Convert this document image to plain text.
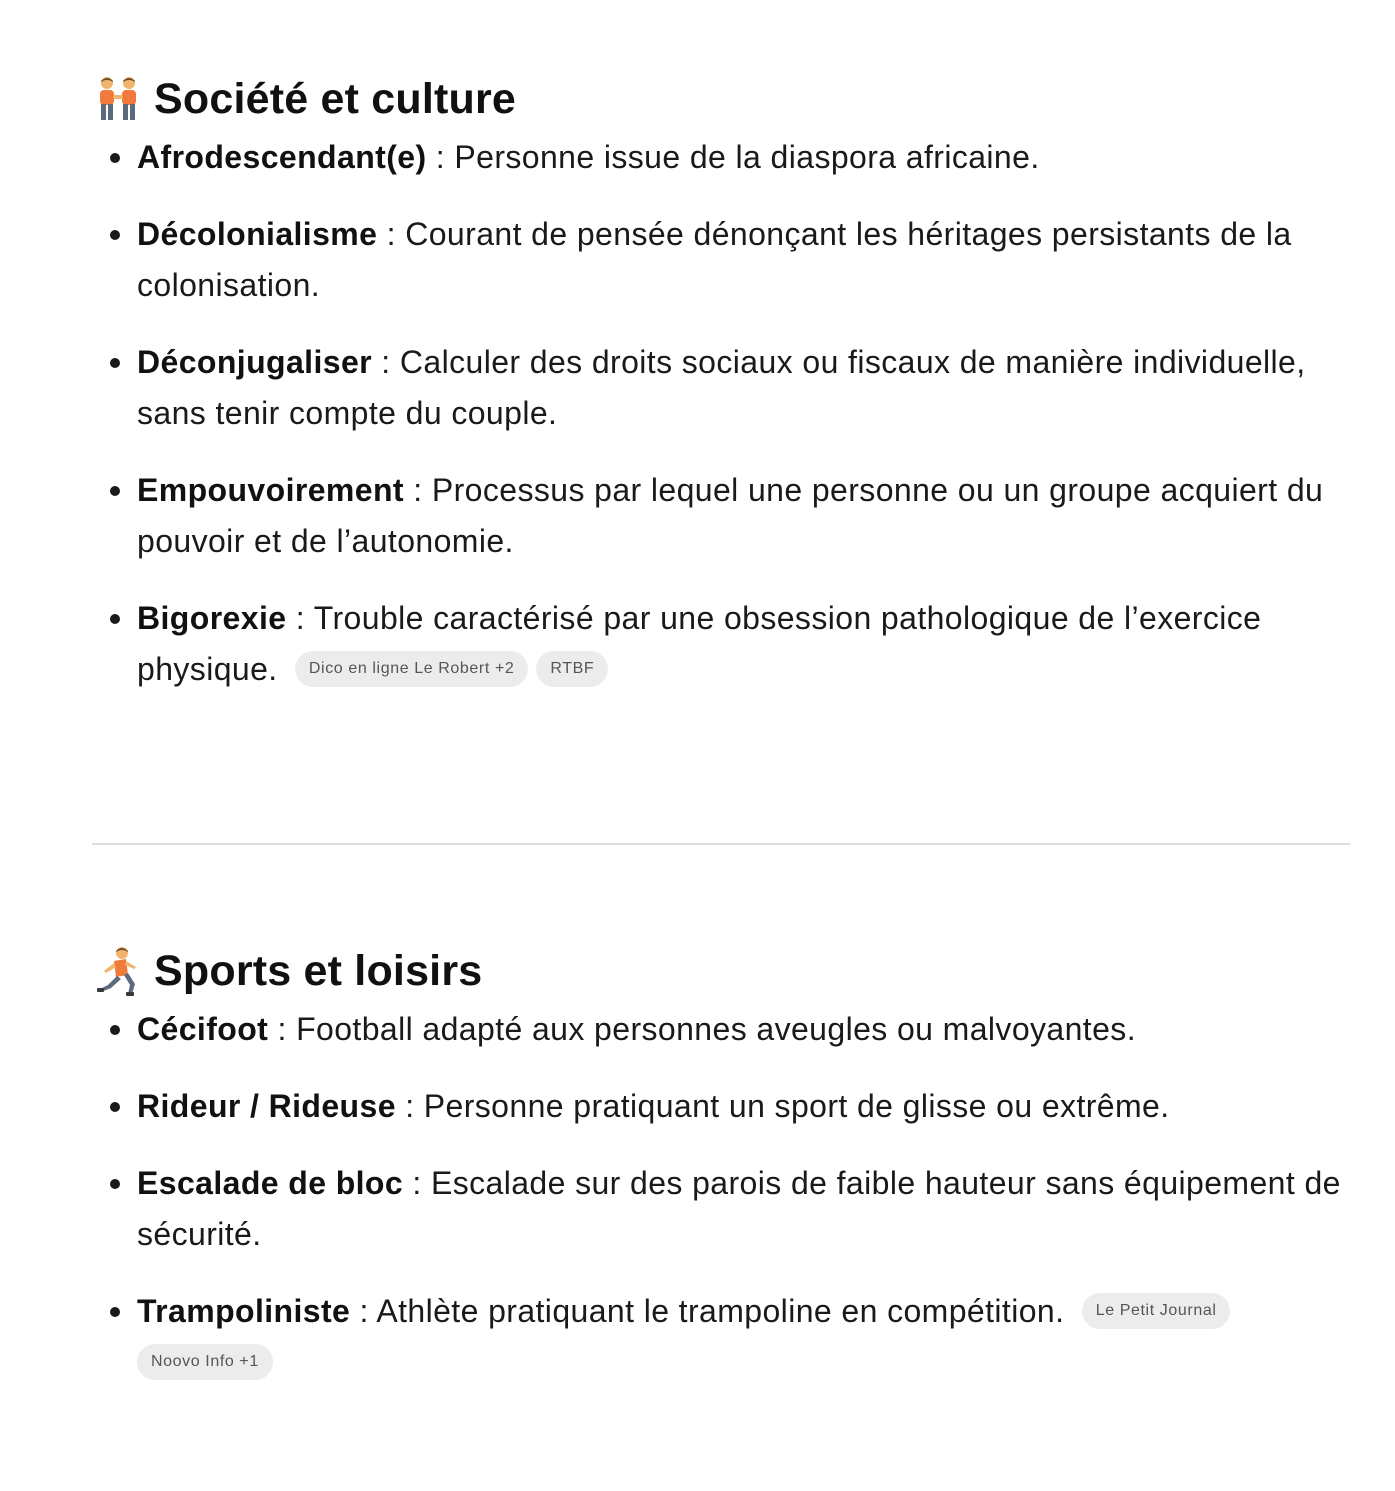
Société et culture
Afrodescendant(e) : Personne issue de la diaspora africaine.
Décolonialisme : Courant de pensée dénonçant les héritages persistants de la colonisation.
Déconjugaliser : Calculer des droits sociaux ou fiscaux de manière individuelle, sans tenir compte du couple.
Empouvoirement : Processus par lequel une personne ou un groupe acquiert du pouvoir et de l’autonomie.
Bigorexie : Trouble caractérisé par une obsession pathologique de l’exercice physique. Dico en ligne Le Robert +2 RTBF
Sports et loisirs
Cécifoot : Football adapté aux personnes aveugles ou malvoyantes.
Rideur / Rideuse : Personne pratiquant un sport de glisse ou extrême.
Escalade de bloc : Escalade sur des parois de faible hauteur sans équipement de sécurité.
Trampoliniste : Athlète pratiquant le trampoline en compétition. Le Petit Journal
Noovo Info +1
